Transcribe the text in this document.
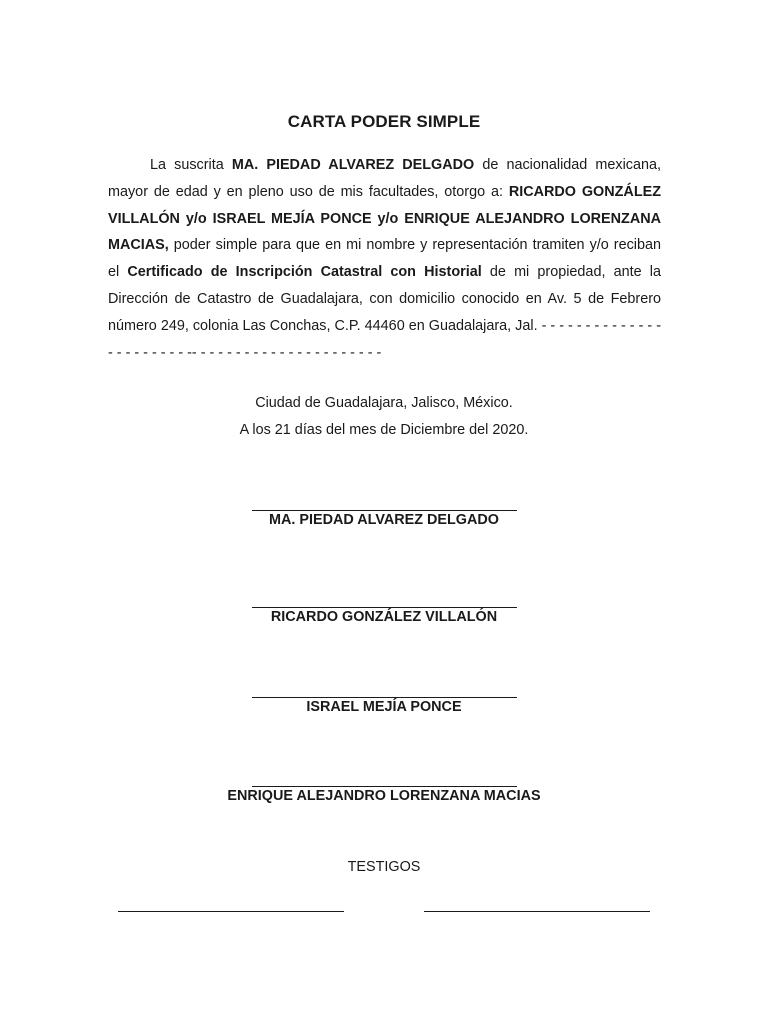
CARTA PODER SIMPLE
La suscrita MA. PIEDAD ALVAREZ DELGADO de nacionalidad mexicana, mayor de edad y en pleno uso de mis facultades, otorgo a: RICARDO GONZÁLEZ VILLALÓN y/o ISRAEL MEJÍA PONCE y/o ENRIQUE ALEJANDRO LORENZANA MACIAS, poder simple para que en mi nombre y representación tramiten y/o reciban el Certificado de Inscripción Catastral con Historial de mi propiedad, ante la Dirección de Catastro de Guadalajara, con domicilio conocido en Av. 5 de Febrero número 249, colonia Las Conchas, C.P. 44460 en Guadalajara, Jal. - - - - - - - - - - - - - - - - - - - - - - - -- - - - - - - - - - - - - - - - - - - - - -
Ciudad de Guadalajara, Jalisco, México.
A los 21 días del mes de Diciembre del 2020.
MA. PIEDAD ALVAREZ DELGADO
RICARDO GONZÁLEZ VILLALÓN
ISRAEL MEJÍA PONCE
ENRIQUE ALEJANDRO LORENZANA MACIAS
TESTIGOS
